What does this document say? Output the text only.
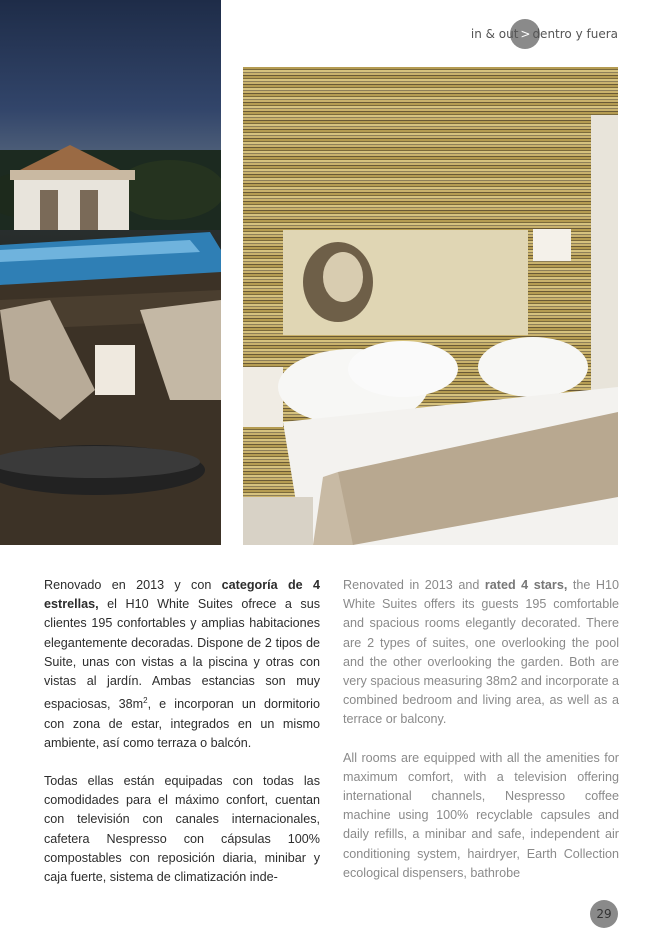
in & out > dentro y fuera

Renovado en 2013 y con categoría de 4 estrellas, el H10 White Suites ofrece a sus clientes 195 confortables y amplias habitaciones elegantemente decoradas. Dispone de 2 tipos de Suite, unas con vistas a la piscina y otras con vistas al jardín. Ambas estancias son muy espaciosas, $38m^2$, e incorporan un dormitorio con zona de estar, integrados en un mismo ambiente, así como terraza o balcón.

Todas ellas están equipadas con todas las comodidades para el máximo confort, cuentan con televisión con canales internacionales, cafetera Nespresso con cápsulas 100% compostables con reposición diaria, minibar y caja fuerte, sistema de climatización inde-

Renovated in 2013 and rated 4 stars, the H10 White Suites offers its guests 195 comfortable and spacious rooms elegantly decorated. There are 2 types of suites, one overlooking the pool and the other overlooking the garden. Both are very spacious measuring 38m2 and incorporate a combined bedroom and living area, as well as a terrace or balcony.

All rooms are equipped with all the amenities for maximum comfort, with a television offering international channels, Nespresso coffee machine using 100% recyclable capsules and daily refills, a minibar and safe, independent air conditioning system, hairdryer, Earth Collection ecological dispensers, bathrobe

29
